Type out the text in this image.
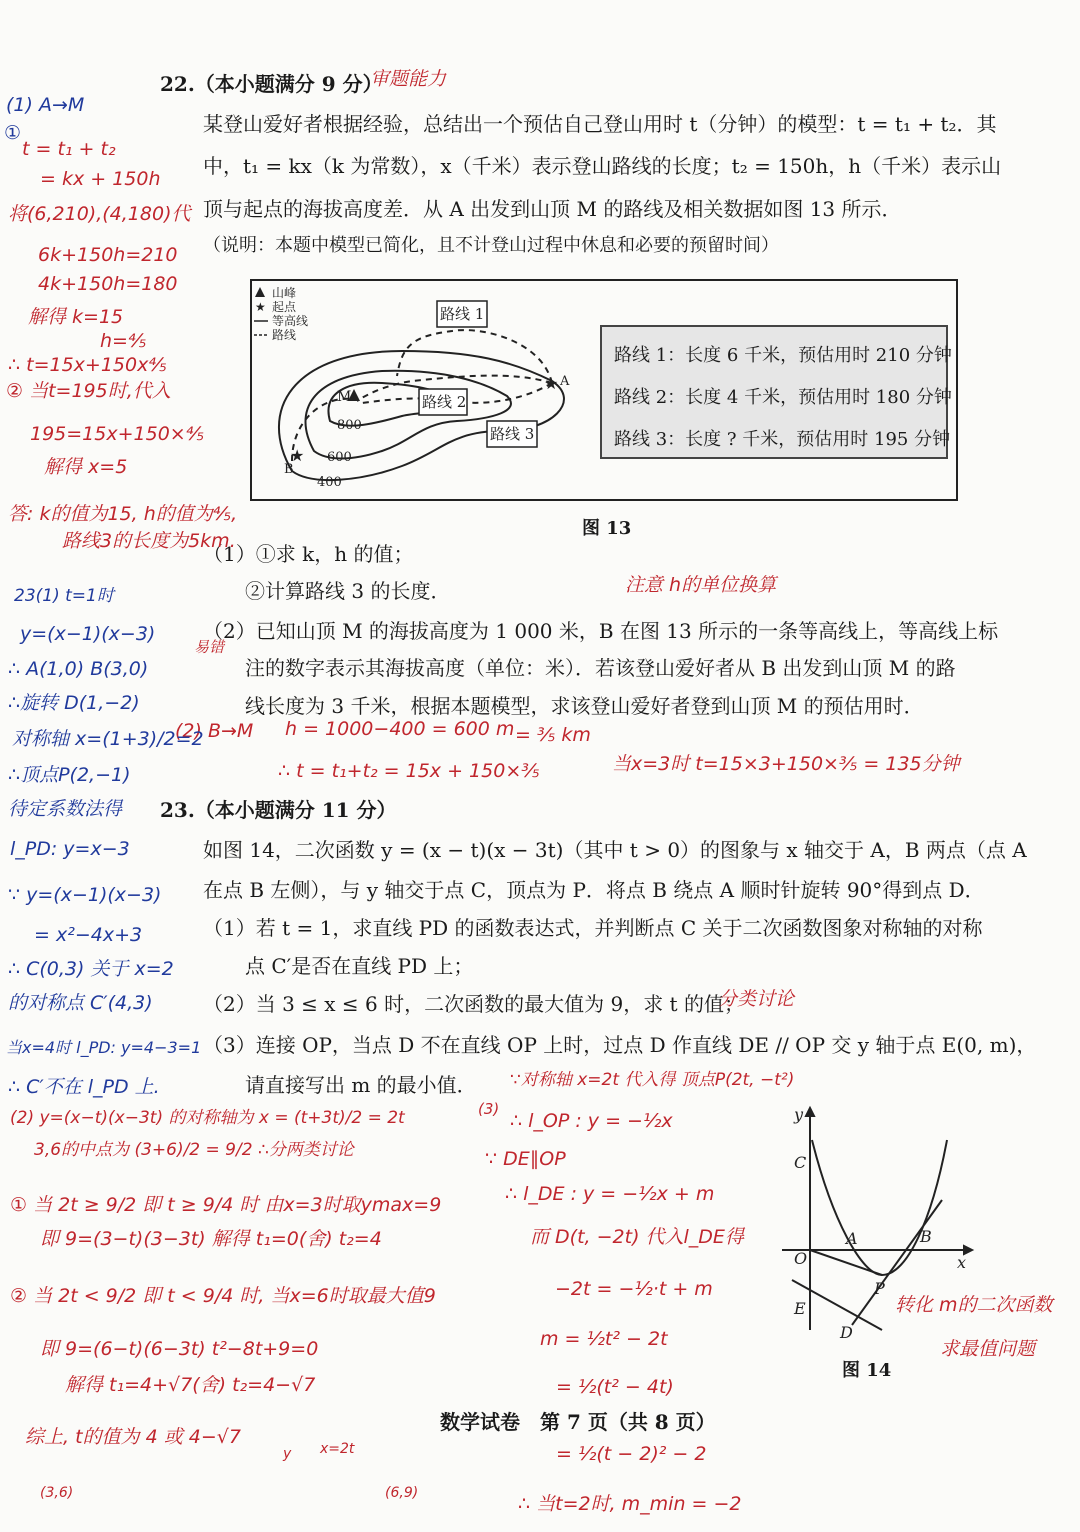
22.（本小题满分 9 分）
某登山爱好者根据经验，总结出一个预估自己登山用时 t（分钟）的模型：t = t₁ + t₂．其
中，t₁ = kx（k 为常数），x（千米）表示登山路线的长度；t₂ = 150h，h（千米）表示山
顶与起点的海拔高度差．从 A 出发到山顶 M 的路线及相关数据如图 13 所示．
（说明：本题中模型已简化，且不计登山过程中休息和必要的预留时间）
山峰
★ 起点
等高线
路线
路线 1
路线 2
路线 3
A
★
B
★
M
800
600
400
路线 1：长度 6 千米，预估用时 210 分钟
路线 2：长度 4 千米，预估用时 180 分钟
路线 3：长度 ? 千米，预估用时 195 分钟
图 13
（1）①求 k，h 的值；
②计算路线 3 的长度．
（2）已知山顶 M 的海拔高度为 1 000 米，B 在图 13 所示的一条等高线上，等高线上标
注的数字表示其海拔高度（单位：米）．若该登山爱好者从 B 出发到山顶 M 的路
线长度为 3 千米，根据本题模型，求该登山爱好者登到山顶 M 的预估用时．
23.（本小题满分 11 分）
如图 14，二次函数 y = (x − t)(x − 3t)（其中 t > 0）的图象与 x 轴交于 A，B 两点（点 A
在点 B 左侧），与 y 轴交于点 C，顶点为 P．将点 B 绕点 A 顺时针旋转 90°得到点 D．
（1）若 t = 1，求直线 PD 的函数表达式，并判断点 C 关于二次函数图象对称轴的对称
点 C′是否在直线 PD 上；
（2）当 3 ≤ x ≤ 6 时，二次函数的最大值为 9，求 t 的值；
（3）连接 OP，当点 D 不在直线 OP 上时，过点 D 作直线 DE // OP 交 y 轴于点 E(0, m)，
请直接写出 m 的最小值．
y
x
C
A	B
O
P
E
D
图 14
数学试卷　第 7 页（共 8 页）
审题能力
t = t₁ + t₂
= kx + 150h
将(6,210),(4,180)代
6k+150h=210
4k+150h=180
解得 k=15
h=⅘
∴ t=15x+150x⅘
② 当t=195时,代入
195=15x+150×⅘
解得 x=5
答: k的值为15, h的值为⅘,
路线3的长度为5km.
注意 h的单位换算
易错
(2) B→M h = 1000−400 = 600 m = ⅗ km
∴ t = t₁+t₂ = 15x + 150×⅗	当x=3时 t=15×3+150×⅗ = 135分钟
分类讨论
(2) y=(x−t)(x−3t) 的对称轴为 x = (t+3t)/2 = 2t
3,6的中点为 (3+6)/2 = 9/2 ∴分两类讨论
① 当 2t ≥ 9/2 即 t ≥ 9/4 时 由x=3时取ymax=9
即 9=(3−t)(3−3t) 解得 t₁=0(舍) t₂=4
② 当 2t < 9/2 即 t < 9/4 时, 当x=6时取最大值9
即 9=(6−t)(6−3t) t²−8t+9=0
解得 t₁=4+√7(舍) t₂=4−√7
综上, t的值为 4 或 4−√7
(3)
∵对称轴 x=2t 代入得 顶点P(2t, −t²)
∴ l_OP : y = −½x
∵ DE∥OP
∴ l_DE : y = −½x + m
而 D(t, −2t) 代入l_DE得
−2t = −½·t + m
m = ½t² − 2t
= ½(t² − 4t)
= ½(t − 2)² − 2
∴ 当t=2时, m_min = −2
转化 m的二次函数
求最值问题
(3,6)
x=2t
(6,9)
y
(1) A→M
①
23(1) t=1时
y=(x−1)(x−3)
∴ A(1,0) B(3,0)
∴旋转 D(1,−2)
对称轴 x=(1+3)/2=2
∴顶点P(2,−1)
待定系数法得
l_PD: y=x−3
∵ y=(x−1)(x−3)
= x²−4x+3
∴ C(0,3) 关于 x=2
的对称点 C′(4,3)
当x=4时 l_PD: y=4−3=1
∴ C′不在 l_PD 上.
